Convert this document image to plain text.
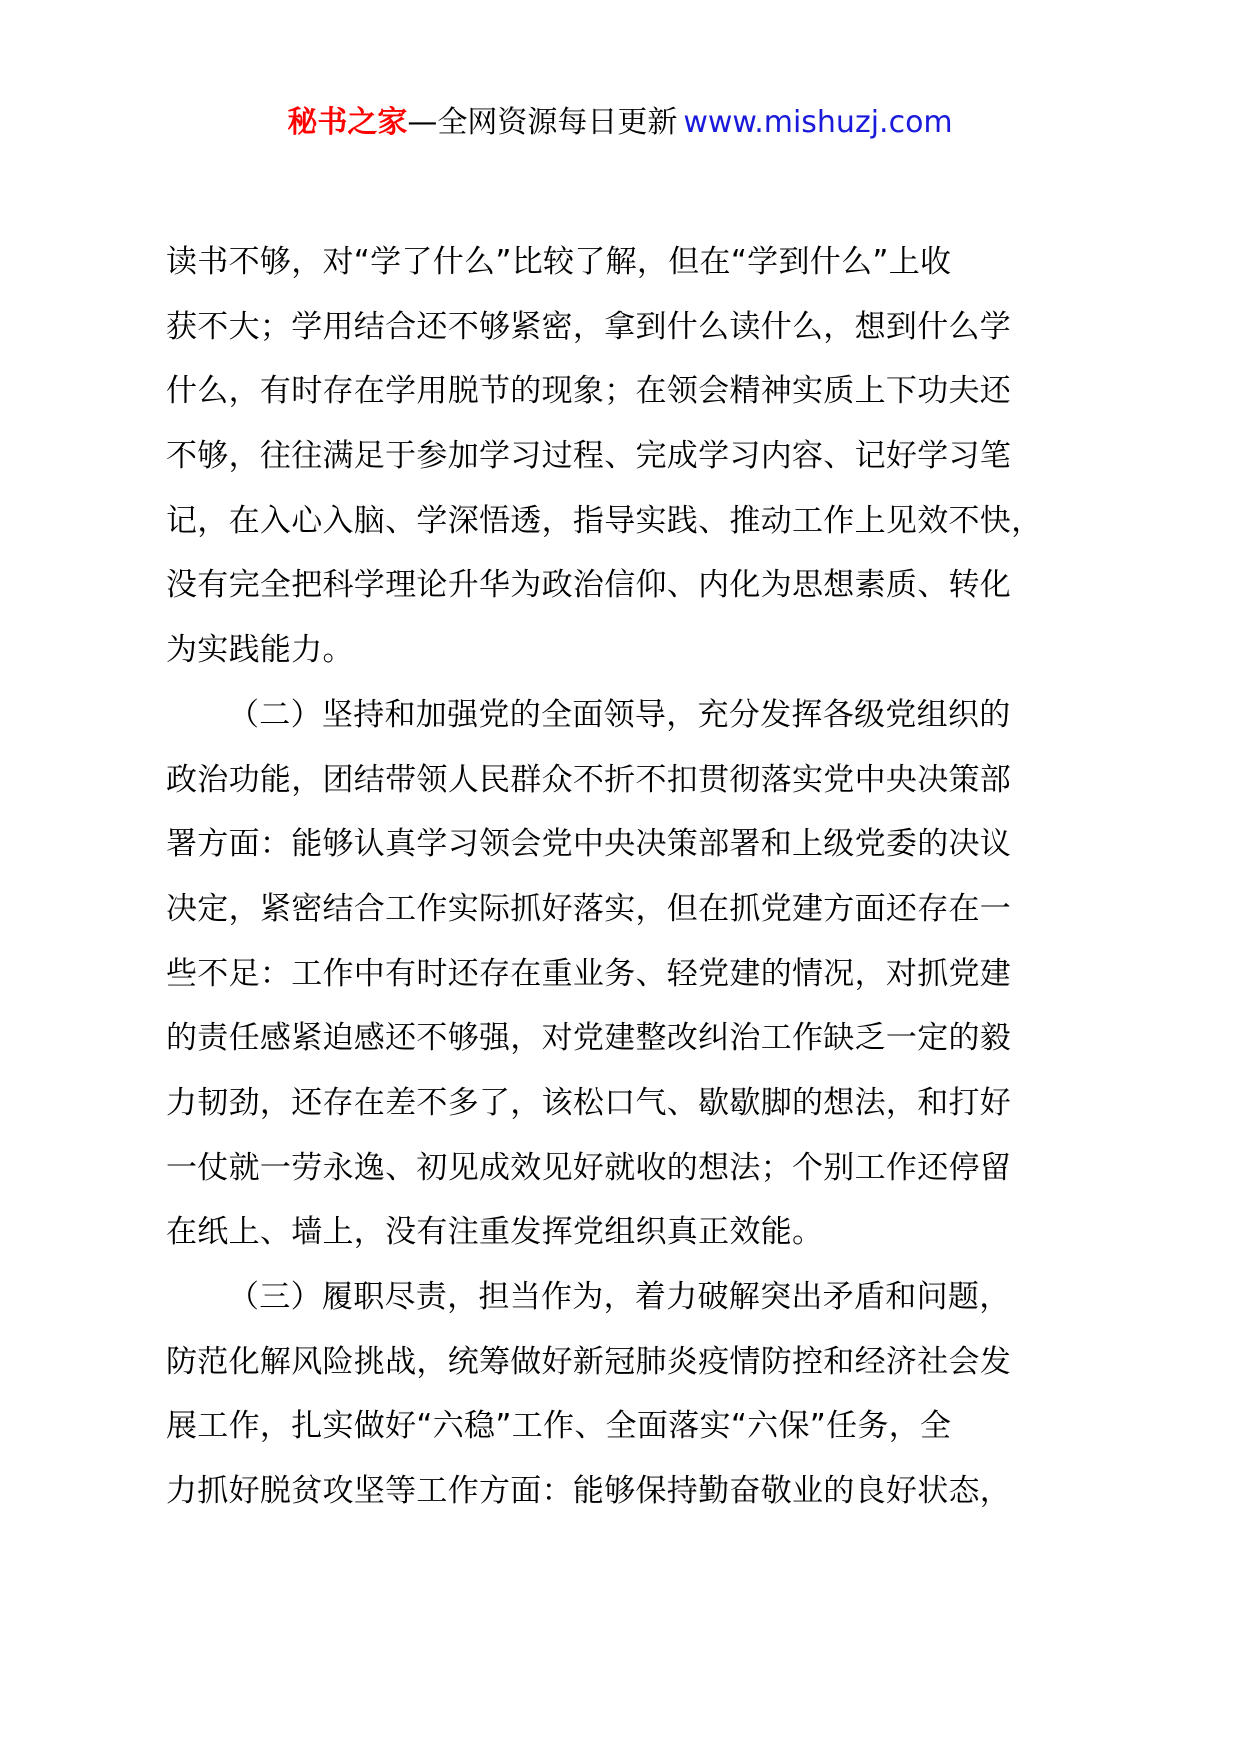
秘书之家—全网资源每日更新 www.mishuzj.com
读书不够，对“学了什么”比较了解，但在“学到什么”上收
获不大；学用结合还不够紧密，拿到什么读什么，想到什么学
什么，有时存在学用脱节的现象；在领会精神实质上下功夫还
不够，往往满足于参加学习过程、完成学习内容、记好学习笔
记，在入心入脑、学深悟透，指导实践、推动工作上见效不快，
没有完全把科学理论升华为政治信仰、内化为思想素质、转化
为实践能力。
（二）坚持和加强党的全面领导，充分发挥各级党组织的
政治功能，团结带领人民群众不折不扣贯彻落实党中央决策部
署方面：能够认真学习领会党中央决策部署和上级党委的决议
决定，紧密结合工作实际抓好落实，但在抓党建方面还存在一
些不足：工作中有时还存在重业务、轻党建的情况，对抓党建
的责任感紧迫感还不够强，对党建整改纠治工作缺乏一定的毅
力韧劲，还存在差不多了，该松口气、歇歇脚的想法，和打好
一仗就一劳永逸、初见成效见好就收的想法；个别工作还停留
在纸上、墙上，没有注重发挥党组织真正效能。
（三）履职尽责，担当作为，着力破解突出矛盾和问题，
防范化解风险挑战，统筹做好新冠肺炎疫情防控和经济社会发
展工作，扎实做好“六稳”工作、全面落实“六保”任务，全
力抓好脱贫攻坚等工作方面：能够保持勤奋敬业的良好状态，
